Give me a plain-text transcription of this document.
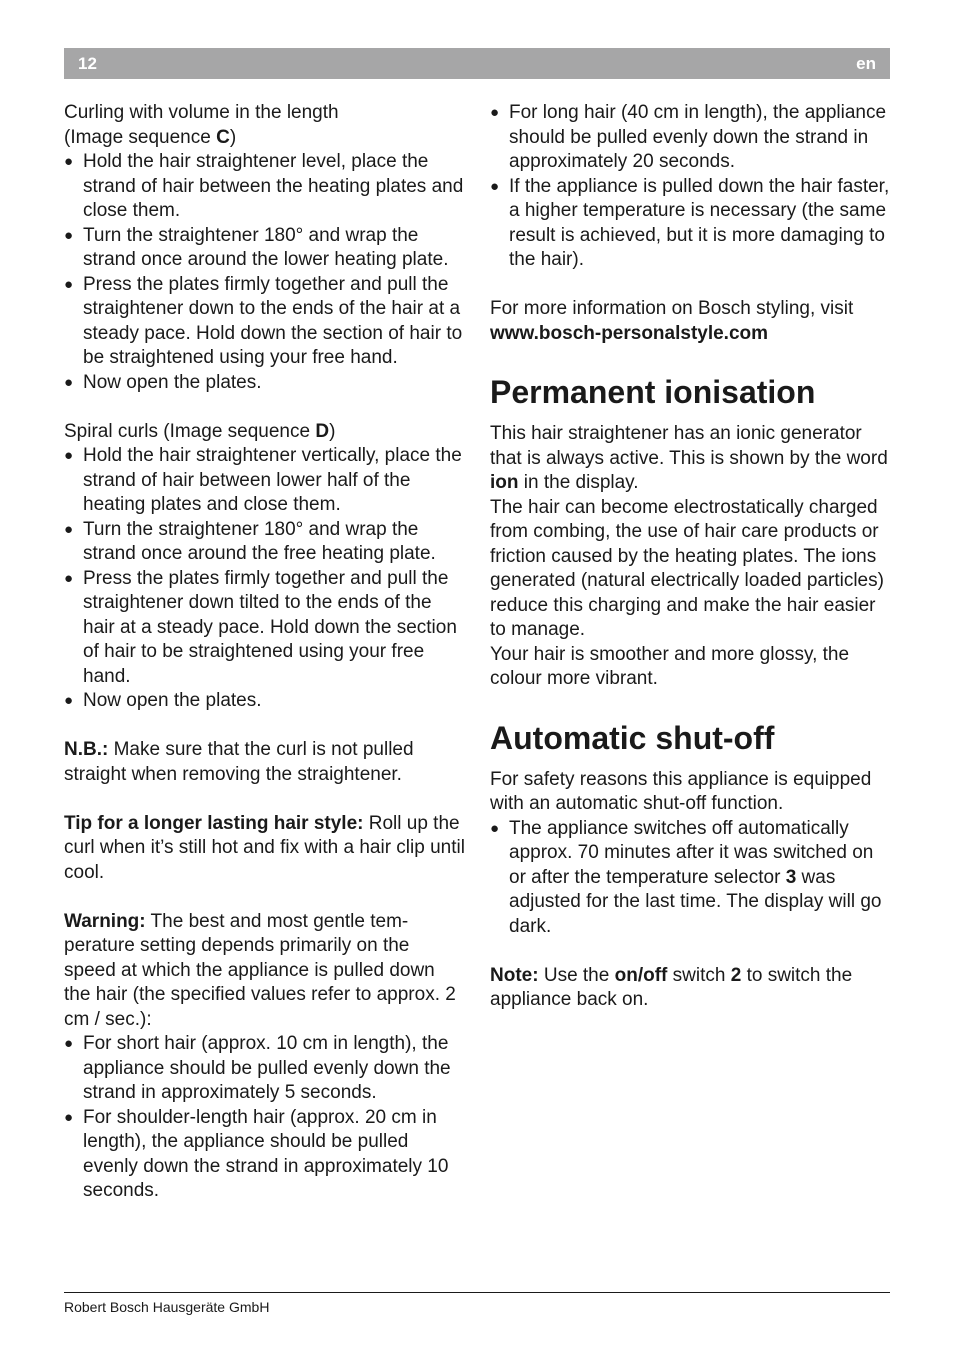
12	en

Curling with volume in the length

(Image sequence C)

● Hold the hair straightener level, place the strand of hair between the heating plates and close them.
● Turn the straightener 180° and wrap the strand once around the lower heating plate.
● Press the plates firmly together and pull the straightener down to the ends of the hair at a steady pace. Hold down the section of hair to be straightened using your free hand.
● Now open the plates.

Spiral curls (Image sequence D)

● Hold the hair straightener vertically, place the strand of hair between lower half of the heating plates and close them.
● Turn the straightener 180° and wrap the strand once around the free heating plate.
● Press the plates firmly together and pull the straightener down tilted to the ends of the hair at a steady pace. Hold down the section of hair to be straightened using your free hand.
● Now open the plates.

N.B.: Make sure that the curl is not pulled straight when removing the straightener.

Tip for a longer lasting hair style: Roll up the curl when it’s still hot and fix with a hair clip until cool.

Warning: The best and most gentle temperature setting depends primarily on the speed at which the appliance is pulled down the hair (the specified values refer to approx. 2 cm / sec.):

● For short hair (approx. 10 cm in length), the appliance should be pulled evenly down the strand in approximately 5 seconds.
● For shoulder-length hair (approx. 20 cm in length), the appliance should be pulled evenly down the strand in approximately 10 seconds.
● For long hair (40 cm in length), the appliance should be pulled evenly down the strand in approximately 20 seconds.
● If the appliance is pulled down the hair faster, a higher temperature is necessary (the same result is achieved, but it is more damaging to the hair).

For more information on Bosch styling, visit

www.bosch-personalstyle.com

Permanent ionisation

This hair straightener has an ionic generator that is always active. This is shown by the word ion in the display.

The hair can become electrostatically charged from combing, the use of hair care products or friction caused by the heating plates. The ions generated (natural electrically loaded particles) reduce this charging and make the hair easier to manage.

Your hair is smoother and more glossy, the colour more vibrant.

Automatic shut-off

For safety reasons this appliance is equipped with an automatic shut-off function.

● The appliance switches off automatically approx. 70 minutes after it was switched on or after the temperature selector 3 was adjusted for the last time. The display will go dark.

Note: Use the on/off switch 2 to switch the appliance back on.

Robert Bosch Hausgeräte GmbH
